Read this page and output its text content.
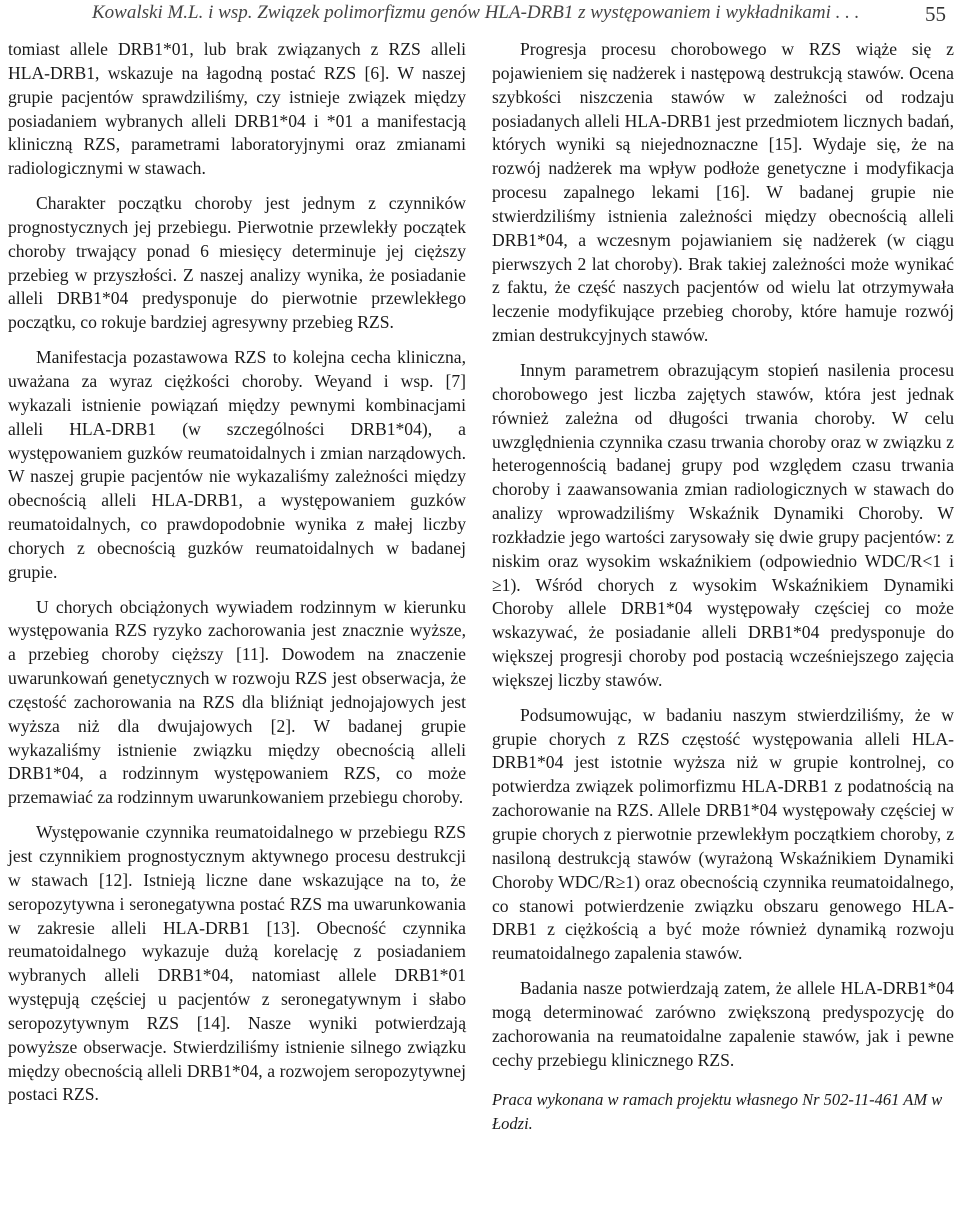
Kowalski M.L. i wsp. Związek polimorfizmu genów HLA-DRB1 z występowaniem i wykładnikami . . .	55

tomiast allele DRB1*01, lub brak związanych z RZS alleli HLA-DRB1, wskazuje na łagodną postać RZS [6]. W naszej grupie pacjentów sprawdziliśmy, czy istnieje związek między posiadaniem wybranych alleli DRB1*04 i *01 a manifestacją kliniczną RZS, parametrami laboratoryjnymi oraz zmianami radiologicznymi w stawach.

Charakter początku choroby jest jednym z czynników prognostycznych jej przebiegu. Pierwotnie przewlekły początek choroby trwający ponad 6 miesięcy determinuje jej cięższy przebieg w przyszłości. Z naszej analizy wynika, że posiadanie alleli DRB1*04 predysponuje do pierwotnie przewlekłego początku, co rokuje bardziej agresywny przebieg RZS.

Manifestacja pozastawowa RZS to kolejna cecha kliniczna, uważana za wyraz ciężkości choroby. Weyand i wsp. [7] wykazali istnienie powiązań między pewnymi kombinacjami alleli HLA-DRB1 (w szczególności DRB1*04), a występowaniem guzków reumatoidalnych i zmian narządowych. W naszej grupie pacjentów nie wykazaliśmy zależności między obecnością alleli HLA-DRB1, a występowaniem guzków reumatoidalnych, co prawdopodobnie wynika z małej liczby chorych z obecnością guzków reumatoidalnych w badanej grupie.

U chorych obciążonych wywiadem rodzinnym w kierunku występowania RZS ryzyko zachorowania jest znacznie wyższe, a przebieg choroby cięższy [11]. Dowodem na znaczenie uwarunkowań genetycznych w rozwoju RZS jest obserwacja, że częstość zachorowania na RZS dla bliźniąt jednojajowych jest wyższa niż dla dwujajowych [2]. W badanej grupie wykazaliśmy istnienie związku między obecnością alleli DRB1*04, a rodzinnym występowaniem RZS, co może przemawiać za rodzinnym uwarunkowaniem przebiegu choroby.

Występowanie czynnika reumatoidalnego w przebiegu RZS jest czynnikiem prognostycznym aktywnego procesu destrukcji w stawach [12]. Istnieją liczne dane wskazujące na to, że seropozytywna i seronegatywna postać RZS ma uwarunkowania w zakresie alleli HLA-DRB1 [13]. Obecność czynnika reumatoidalnego wykazuje dużą korelację z posiadaniem wybranych alleli DRB1*04, natomiast allele DRB1*01 występują częściej u pacjentów z seronegatywnym i słabo seropozytywnym RZS [14]. Nasze wyniki potwierdzają powyższe obserwacje. Stwierdziliśmy istnienie silnego związku między obecnością alleli DRB1*04, a rozwojem seropozytywnej postaci RZS.

Progresja procesu chorobowego w RZS wiąże się z pojawieniem się nadżerek i następową destrukcją stawów. Ocena szybkości niszczenia stawów w zależności od rodzaju posiadanych alleli HLA-DRB1 jest przedmiotem licznych badań, których wyniki są niejednoznaczne [15]. Wydaje się, że na rozwój nadżerek ma wpływ podłoże genetyczne i modyfikacja procesu zapalnego lekami [16]. W badanej grupie nie stwierdziliśmy istnienia zależności między obecnością alleli DRB1*04, a wczesnym pojawianiem się nadżerek (w ciągu pierwszych 2 lat choroby). Brak takiej zależności może wynikać z faktu, że część naszych pacjentów od wielu lat otrzymywała leczenie modyfikujące przebieg choroby, które hamuje rozwój zmian destrukcyjnych stawów.

Innym parametrem obrazującym stopień nasilenia procesu chorobowego jest liczba zajętych stawów, która jest jednak również zależna od długości trwania choroby. W celu uwzględnienia czynnika czasu trwania choroby oraz w związku z heterogennością badanej grupy pod względem czasu trwania choroby i zaawansowania zmian radiologicznych w stawach do analizy wprowadziliśmy Wskaźnik Dynamiki Choroby. W rozkładzie jego wartości zarysowały się dwie grupy pacjentów: z niskim oraz wysokim wskaźnikiem (odpowiednio WDC/R<1 i ≥1). Wśród chorych z wysokim Wskaźnikiem Dynamiki Choroby allele DRB1*04 występowały częściej co może wskazywać, że posiadanie alleli DRB1*04 predysponuje do większej progresji choroby pod postacią wcześniejszego zajęcia większej liczby stawów.

Podsumowując, w badaniu naszym stwierdziliśmy, że w grupie chorych z RZS częstość występowania alleli HLA-DRB1*04 jest istotnie wyższa niż w grupie kontrolnej, co potwierdza związek polimorfizmu HLA-DRB1 z podatnością na zachorowanie na RZS. Allele DRB1*04 występowały częściej w grupie chorych z pierwotnie przewlekłym początkiem choroby, z nasiloną destrukcją stawów (wyrażoną Wskaźnikiem Dynamiki Choroby WDC/R≥1) oraz obecnością czynnika reumatoidalnego, co stanowi potwierdzenie związku obszaru genowego HLA-DRB1 z ciężkością a być może również dynamiką rozwoju reumatoidalnego zapalenia stawów.

Badania nasze potwierdzają zatem, że allele HLA-DRB1*04 mogą determinować zarówno zwiększoną predyspozycję do zachorowania na reumatoidalne zapalenie stawów, jak i pewne cechy przebiegu klinicznego RZS.

Praca wykonana w ramach projektu własnego Nr 502-11-461 AM w Łodzi.
